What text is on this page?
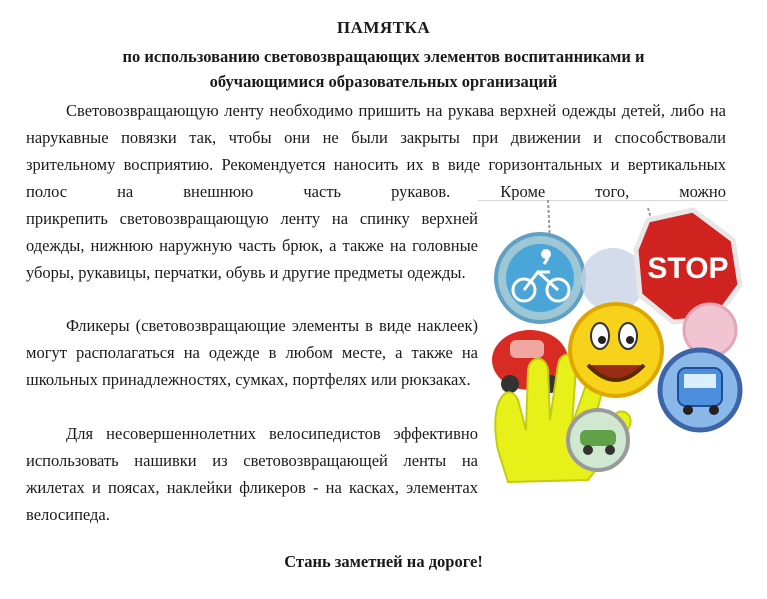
ПАМЯТКА

по использованию световозвращающих элементов воспитанниками и

обучающимися образовательных организаций

Световозвращающую ленту необходимо пришить на рукава верхней одежды детей, либо на нарукавные повязки так, чтобы они не были закрыты при движении и способствовали зрительному восприятию. Рекомендуется наносить их в виде горизонтальных и вертикальных полос на внешнюю часть рукавов. Кроме того, можно

прикрепить световозвращающую ленту на спинку верхней одежды, нижнюю наружную часть брюк, а также на головные уборы, рукавицы, перчатки, обувь и другие предметы одежды.

Фликеры (световозвращающие элементы в виде наклеек) могут располагаться на одежде в любом месте, а также на школьных принадлежностях, сумках, портфелях или рюкзаках.

Для несовершеннолетних велосипедистов эффективно использовать нашивки из световозвращающей ленты на жилетах и поясах, наклейки фликеров - на касках, элементах велосипеда.

STOP

Стань заметней на дороге!
